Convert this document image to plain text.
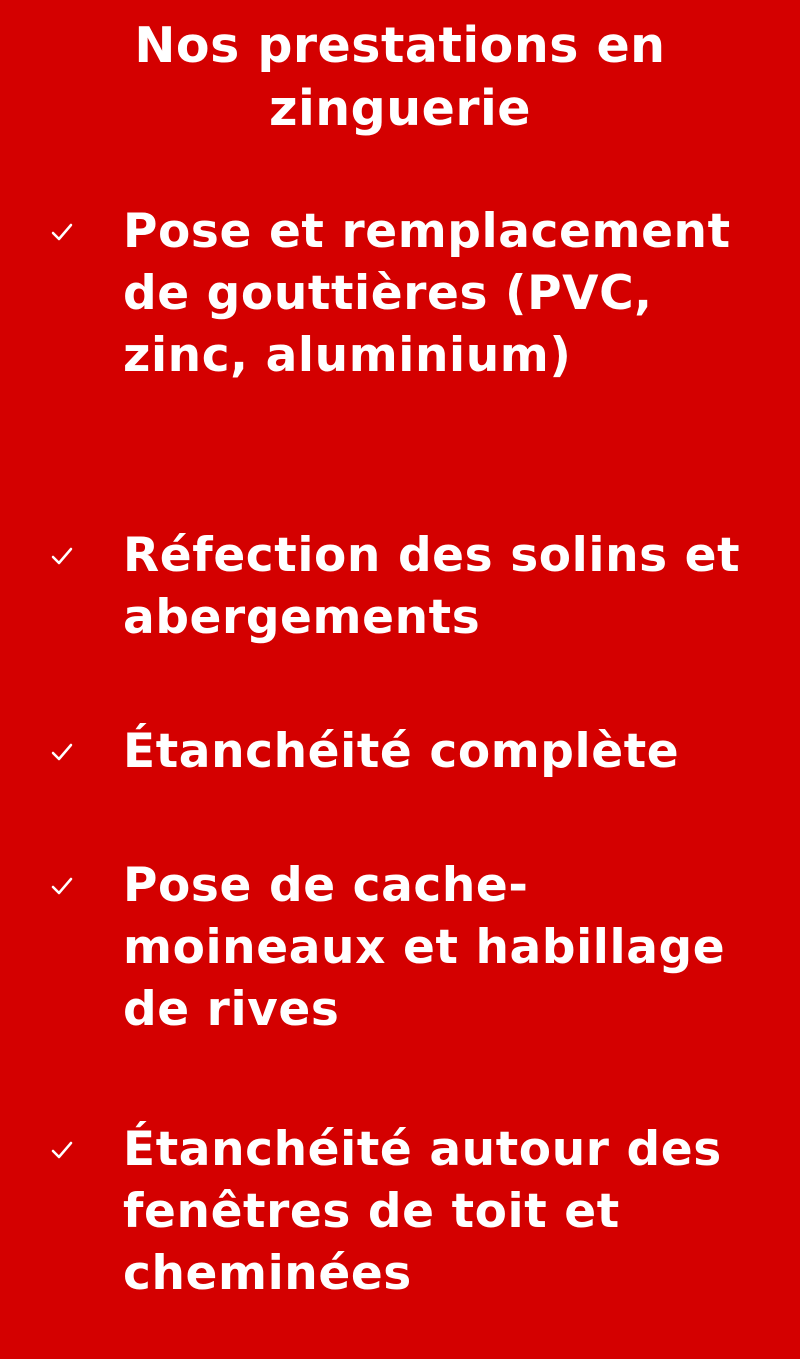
Nos prestations en zinguerie
Pose et remplacement de gouttières (PVC, zinc, aluminium)
Réfection des solins et abergements
Étanchéité complète
Pose de cache-moineaux et habillage de rives
Étanchéité autour des fenêtres de toit et cheminées
